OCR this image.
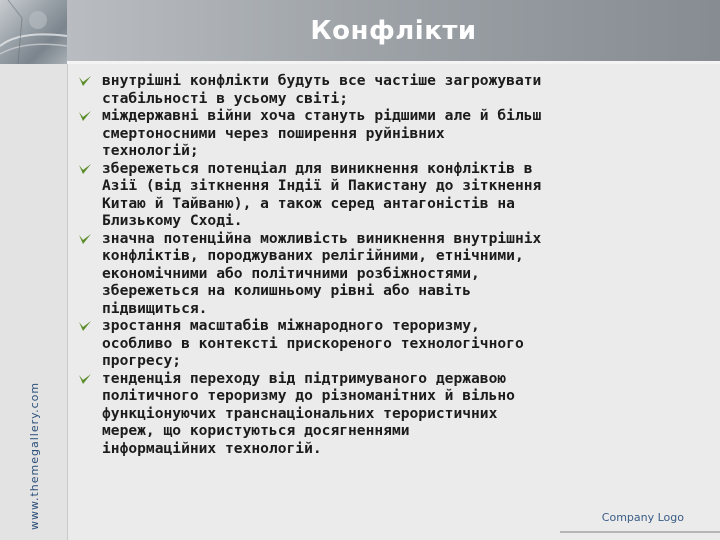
Конфлікти
www.themegallery.com
внутрішні конфлікти будуть все частіше загрожувати
стабільності в усьому світі;
міждержавні війни хоча стануть рідшими але й більш
смертоносними через поширення руйнівних
технологій;
збережеться потенціал для виникнення конфліктів в
Азії (від зіткнення Індії й Пакистану до зіткнення
Китаю й Тайваню), а також серед антагоністів на
Близькому Сході.
значна потенційна можливість виникнення внутрішніх
конфліктів, породжуваних релігійними, етнічними,
економічними або політичними розбіжностями,
збережеться на колишньому рівні або навіть
підвищиться.
зростання масштабів міжнародного тероризму,
особливо в контексті прискореного технологічного
прогресу;
тенденція переходу від підтримуваного державою
політичного тероризму до різноманітних й вільно
функціонуючих транснаціональних терористичних
мереж, що користуються досягненнями
інформаційних технологій.
Company Logo
